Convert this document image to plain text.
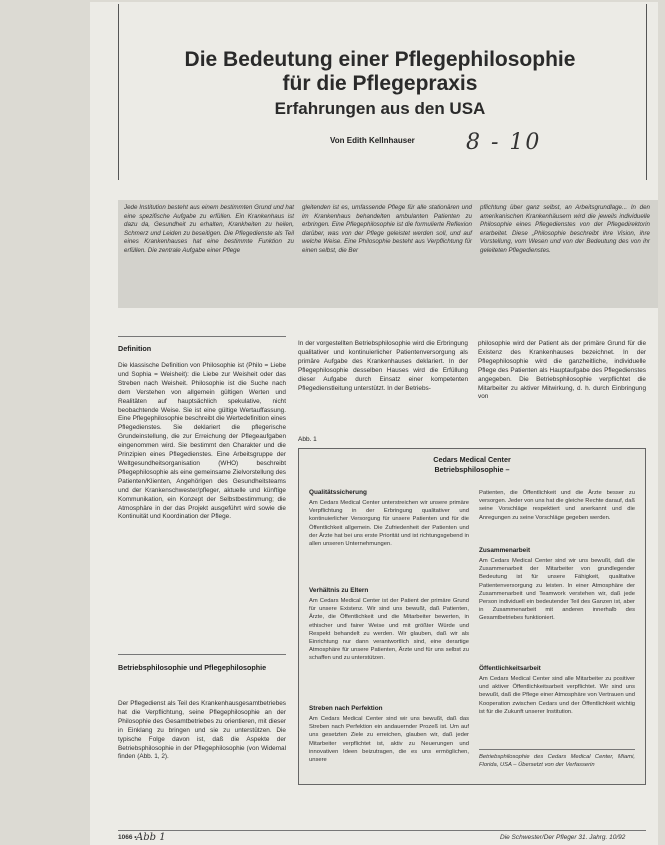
Die Bedeutung einer Pflegephilosophie
für die Pflegepraxis
Erfahrungen aus den USA
Von Edith Kellnhauser 8 - 10
Jede Institution besteht aus einem bestimmten Grund und hat eine spezifische Aufgabe zu erfüllen. Ein Krankenhaus ist dazu da, Gesundheit zu erhalten, Krankheiten zu heilen, Schmerz und Leiden zu beseitigen. Die Pflegedienste als Teil eines Krankenhauses hat eine bestimmte Funktion zu erfüllen. Die zentrale Aufgabe einer Pflege
gleitenden ist es, umfassende Pflege für alle stationären und im Krankenhaus behandelten ambulanten Patienten zu erbringen. Eine Pflegephilosophie ist die formulierte Reflexion darüber, was von der Pflege geleistet werden soll, und auf welche Weise. Eine Philosophie besteht aus Verpflichtung für einen selbst, die Ber
pflichtung über ganz selbst, an Arbeitsgrundlage... In den amerikanischen Krankenhäusern wird die jeweils individuelle Philosophie eines Pflegedienstes von der Pflegedirektorin erarbeitet. Diese „Philosophie beschreibt ihre Vision, ihre Vorstellung, vom Wesen und von der Bedeutung des von ihr geleiteten Pflegedienstes.
Definition
Die klassische Definition von Philosophie ist (Philo = Liebe und Sophia = Weisheit): die Liebe zur Weisheit oder das Streben nach Weisheit. Philosophie ist die Suche nach dem Verstehen von allgemein gültigen Werten und Realitäten auf hauptsächlich spekulative, nicht beobachtende Weise. Sie ist eine gültige Wertauffassung. Eine Pflegephilosophie beschreibt die Wertedefinition eines Pflegedienstes. Sie deklariert die pflegerische Grundeinstellung, die zur Erreichung der Pflegeaufgaben eingenommen wird. Sie bestimmt den Charakter und die Prinzipien eines Pflegedienstes. Eine Arbeitsgruppe der Weltgesundheitsorganisation (WHO) beschreibt Pflegephilosophie als eine gemeinsame Zielvorstellung des Patienten/Klienten, Angehörigen des Gesundheitsteams und der Krankenschwester/pfleger, aktuelle und künftige Kommunikation, ein Konzept der Selbstbestimmung; die Atmosphäre in der das Projekt ausgeführt wird sowie die Kontinuität und Koordination der Pflege.
Betriebsphilosophie und Pflegephilosophie
Der Pflegedienst als Teil des Krankenhausgesamtbetriebes hat die Verpflichtung, seine Pflegephilosophie an der Philosophie des Gesamtbetriebes zu orientieren, mit dieser in Einklang zu bringen und sie zu unterstützen. Die typische Folge davon ist, daß die Aspekte der Betriebsphilosophie in der Pflegephilosophie (von Widemal finden (Abb. 1, 2).
In der vorgestellten Betriebsphilosophie wird die Erbringung qualitativer und kontinuierlicher Patientenversorgung als primäre Aufgabe des Krankenhauses deklariert. In der Pflegephilosophie desselben Hauses wird die Erfüllung dieser Aufgabe durch Einsatz einer kompetenten Pflegedienstleitung unterstützt. In der Betriebs-
philosophie wird der Patient als der primäre Grund für die Existenz des Krankenhauses bezeichnet. In der Pflegephilosophie wird die ganzheitliche, individuelle Pflege des Patienten als Hauptaufgabe des Pflegedienstes angegeben. Die Betriebsphilosophie verpflichtet die Mitarbeiter zu aktiver Mitwirkung, d. h. durch Einbringung von
Abb. 1
Cedars Medical Center
Betriebsphilosophie –
Qualitätssicherung
Am Cedars Medical Center unterstreichen wir unsere primäre Verpflichtung in der Erbringung qualitativer und kontinuierlicher Versorgung für unsere Patienten und für die Öffentlichkeit allgemein. Die Zufriedenheit der Patienten und der Ärzte hat bei uns erste Priorität und ist richtungsgebend in allen unseren Unternehmungen.
Verhältnis zu Eltern
Am Cedars Medical Center ist der Patient der primäre Grund für unsere Existenz. Wir sind uns bewußt, daß Patienten, Ärzte, die Öffentlichkeit und die Mitarbeiter bewerten, in ethischer und fairer Weise und mit größter Würde und Respekt behandelt zu werden. Wir glauben, daß wir als Einrichtung nur dann verantwortlich sind, eine derartige Atmosphäre für unsere Patienten, Ärzte und für uns selbst zu schaffen und zu unterstützen.
Streben nach Perfektion
Am Cedars Medical Center sind wir uns bewußt, daß das Streben nach Perfektion ein andauernder Prozeß ist. Um auf uns gesetzten Ziele zu erreichen, glauben wir, daß jeder Mitarbeiter verpflichtet ist, aktiv zu Neuerungen und innovativen Ideen beizutragen, die es uns ermöglichen, unsere
Patienten, die Öffentlichkeit und die Ärzte besser zu versorgen. Jeder von uns hat die gleiche Rechte darauf, daß seine Vorschläge respektiert und anerkannt und die Anregungen zu seine Vorschläge gegeben werden.
Zusammenarbeit
Am Cedars Medical Center sind wir uns bewußt, daß die Zusammenarbeit der Mitarbeiter von grundlegender Bedeutung ist für unsere Fähigkeit, qualitative Patientenversorgung zu leisten. In einer Atmosphäre der Zusammenarbeit und Teamwork verstehen wir, daß jede Person individuell ein bedeutender Teil des Ganzen ist, aber in Zusammenarbeit mit anderen innerhalb des Gesamtbetriebes funktioniert.
Öffentlichkeitsarbeit
Am Cedars Medical Center sind alle Mitarbeiter zu positiver und aktiver Öffentlichkeitsarbeit verpflichtet. Wir sind uns bewußt, daß die Pflege einer Atmosphäre von Vertrauen und Kooperation zwischen Cedars und der Öffentlichkeit wichtig ist für die Zukunft unserer Institution.
Betriebsphilosophie des Cedars Medical Center, Miami, Florida, USA – Übersetzt von der Verfasserin
1066 • Abb 1	Die Schwester/Der Pfleger 31. Jahrg. 10/92
